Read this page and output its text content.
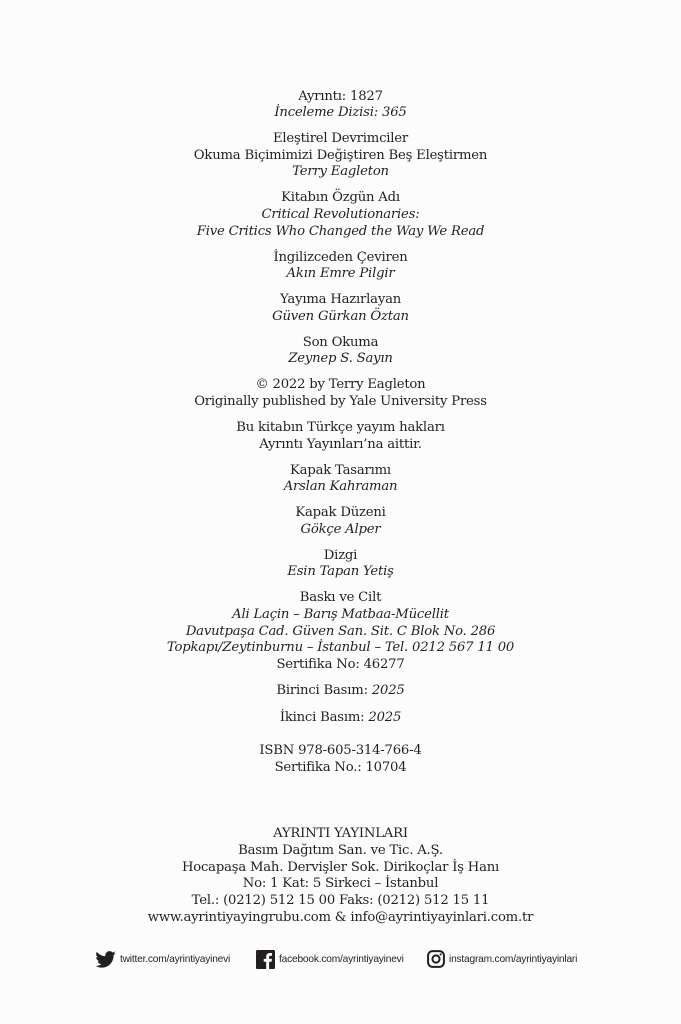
Ayrıntı: 1827
İnceleme Dizisi: 365
Eleştirel Devrimciler
Okuma Biçimimizi Değiştiren Beş Eleştirmen
Terry Eagleton
Kitabın Özgün Adı
Critical Revolutionaries:
Five Critics Who Changed the Way We Read
İngilizceden Çeviren
Akın Emre Pilgir
Yayıma Hazırlayan
Güven Gürkan Öztan
Son Okuma
Zeynep S. Sayın
© 2022 by Terry Eagleton
Originally published by Yale University Press
Bu kitabın Türkçe yayım hakları
Ayrıntı Yayınları’na aittir.
Kapak Tasarımı
Arslan Kahraman
Kapak Düzeni
Gökçe Alper
Dizgi
Esin Tapan Yetiş
Baskı ve Cilt
Ali Laçin – Barış Matbaa-Mücellit
Davutpaşa Cad. Güven San. Sit. C Blok No. 286
Topkapı/Zeytinburnu – İstanbul – Tel. 0212 567 11 00
Sertifika No: 46277
Birinci Basım: 2025
İkinci Basım: 2025
ISBN 978-605-314-766-4
Sertifika No.: 10704
AYRINTI YAYINLARI
Basım Dağıtım San. ve Tic. A.Ş.
Hocapaşa Mah. Dervişler Sok. Dirikoçlar İş Hanı
No: 1 Kat: 5 Sirkeci – İstanbul
Tel.: (0212) 512 15 00 Faks: (0212) 512 15 11
www.ayrintiyayingrubu.com & info@ayrintiyayinlari.com.tr
twitter.com/ayrintiyayinevi	facebook.com/ayrintiyayinevi	instagram.com/ayrintiyayinlari
